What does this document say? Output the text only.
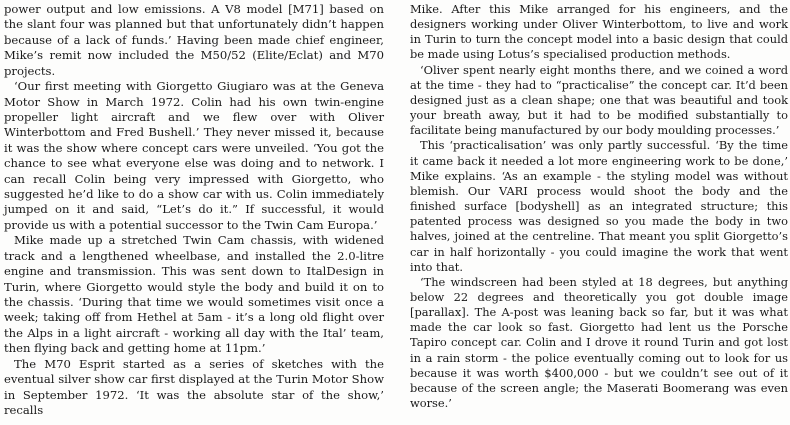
power output and low emissions. A V8 model [M71] based on the slant four was planned but that unfortunately didn’t happen because of a lack of funds.’ Having been made chief engineer, Mike’s remit now included the M50/52 (Elite/Eclat) and M70 projects.

‘Our first meeting with Giorgetto Giugiaro was at the Geneva Motor Show in March 1972. Colin had his own twin-engine propeller light aircraft and we flew over with Oliver Winterbottom and Fred Bushell.’ They never missed it, because it was the show where concept cars were unveiled. ‘You got the chance to see what everyone else was doing and to network. I can recall Colin being very impressed with Giorgetto, who suggested he’d like to do a show car with us. Colin immediately jumped on it and said, “Let’s do it.” If successful, it would provide us with a potential successor to the Twin Cam Europa.’

Mike made up a stretched Twin Cam chassis, with widened track and a lengthened wheelbase, and installed the 2.0-litre engine and transmission. This was sent down to ItalDesign in Turin, where Giorgetto would style the body and build it on to the chassis. ‘During that time we would sometimes visit once a week; taking off from Hethel at 5am - it’s a long old flight over the Alps in a light aircraft - working all day with the Ital’ team, then flying back and getting home at 11pm.’

The M70 Esprit started as a series of sketches with the eventual silver show car first displayed at the Turin Motor Show in September 1972. ‘It was the absolute star of the show,’ recalls

Mike. After this Mike arranged for his engineers, and the designers working under Oliver Winterbottom, to live and work in Turin to turn the concept model into a basic design that could be made using Lotus’s specialised production methods.

‘Oliver spent nearly eight months there, and we coined a word at the time - they had to “practicalise” the concept car. It’d been designed just as a clean shape; one that was beautiful and took your breath away, but it had to be modified substantially to facilitate being manufactured by our body moulding processes.’

This ‘practicalisation’ was only partly successful. ‘By the time it came back it needed a lot more engineering work to be done,’ Mike explains. ‘As an example - the styling model was without blemish. Our VARI process would shoot the body and the finished surface [bodyshell] as an integrated structure; this patented process was designed so you made the body in two halves, joined at the centreline. That meant you split Giorgetto’s car in half horizontally - you could imagine the work that went into that.

‘The windscreen had been styled at 18 degrees, but anything below 22 degrees and theoretically you got double image [parallax]. The A-post was leaning back so far, but it was what made the car look so fast. Giorgetto had lent us the Porsche Tapiro concept car. Colin and I drove it round Turin and got lost in a rain storm - the police eventually coming out to look for us because it was worth $400,000 - but we couldn’t see out of it because of the screen angle; the Maserati Boomerang was even worse.’
